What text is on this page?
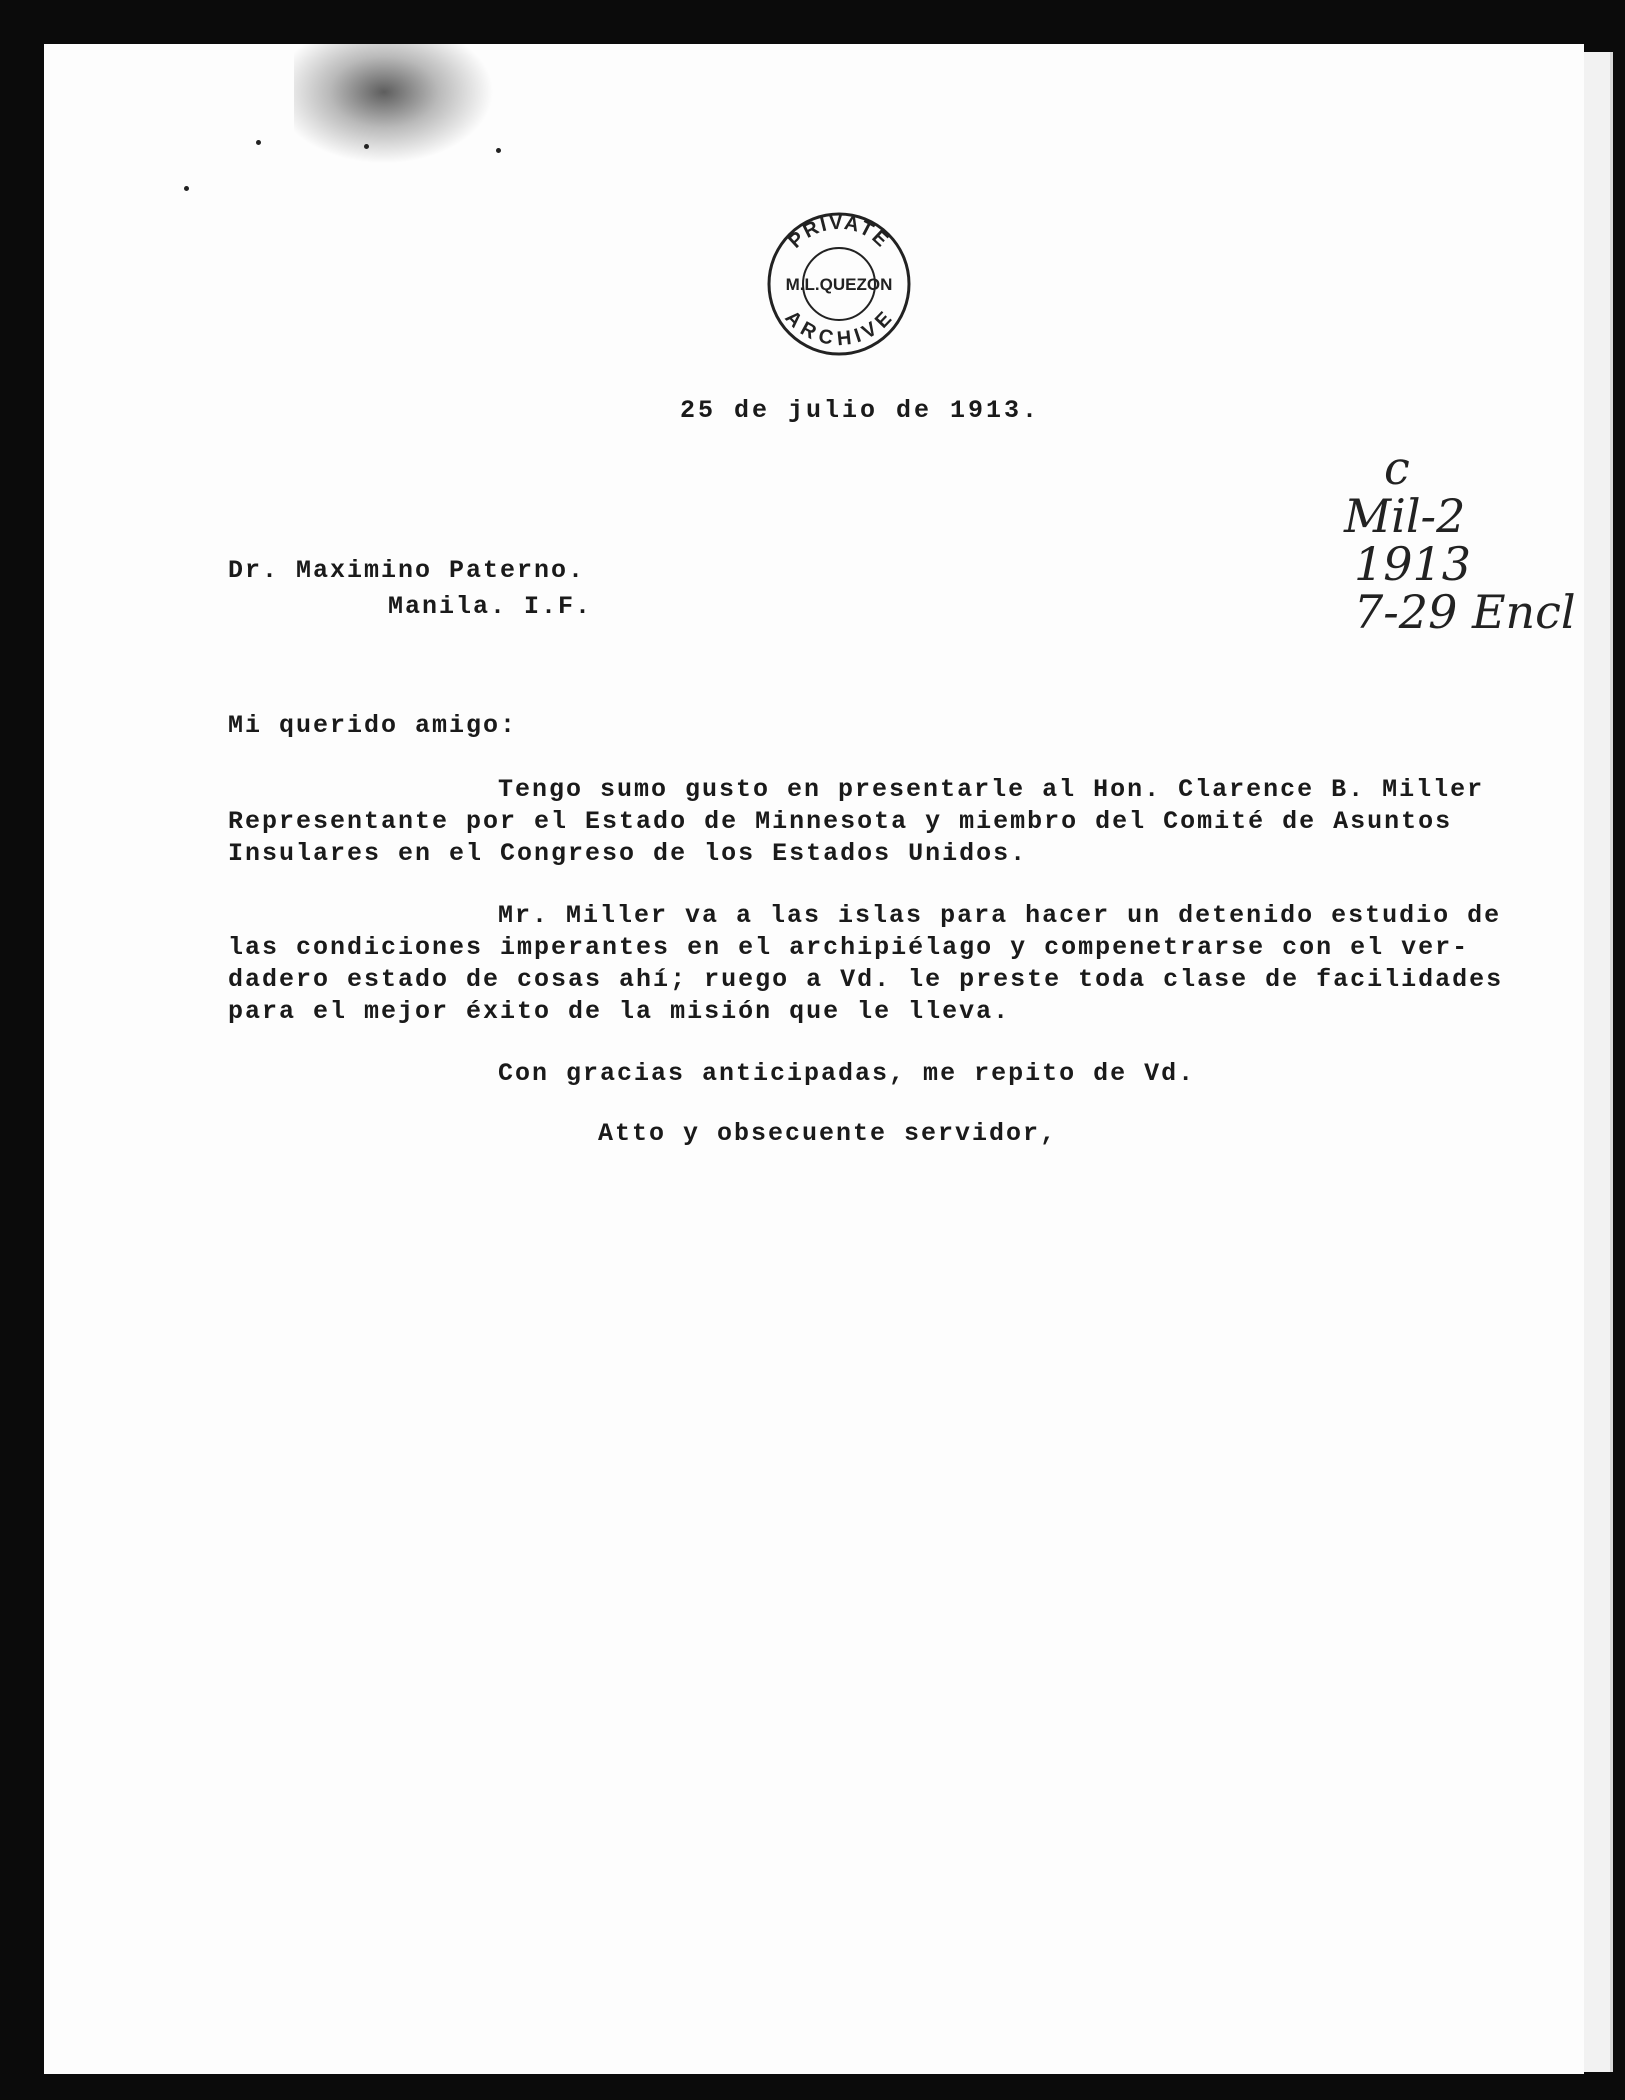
PRIVATE
ARCHIVE
M.L.QUEZON
25 de julio de 1913.
c
Mil-2
1913
7-29 Encl
Dr. Maximino Paterno.
Manila. I.F.
Mi querido amigo:
Tengo sumo gusto en presentarle al Hon. Clarence B. Miller
Representante por el Estado de Minnesota y miembro del Comité de Asuntos
Insulares en el Congreso de los Estados Unidos.
Mr. Miller va a las islas para hacer un detenido estudio de
las condiciones imperantes en el archipiélago y compenetrarse con el ver-
dadero estado de cosas ahí; ruego a Vd. le preste toda clase de facilidades
para el mejor éxito de la misión que le lleva.
Con gracias anticipadas, me repito de Vd.
Atto y obsecuente servidor,
